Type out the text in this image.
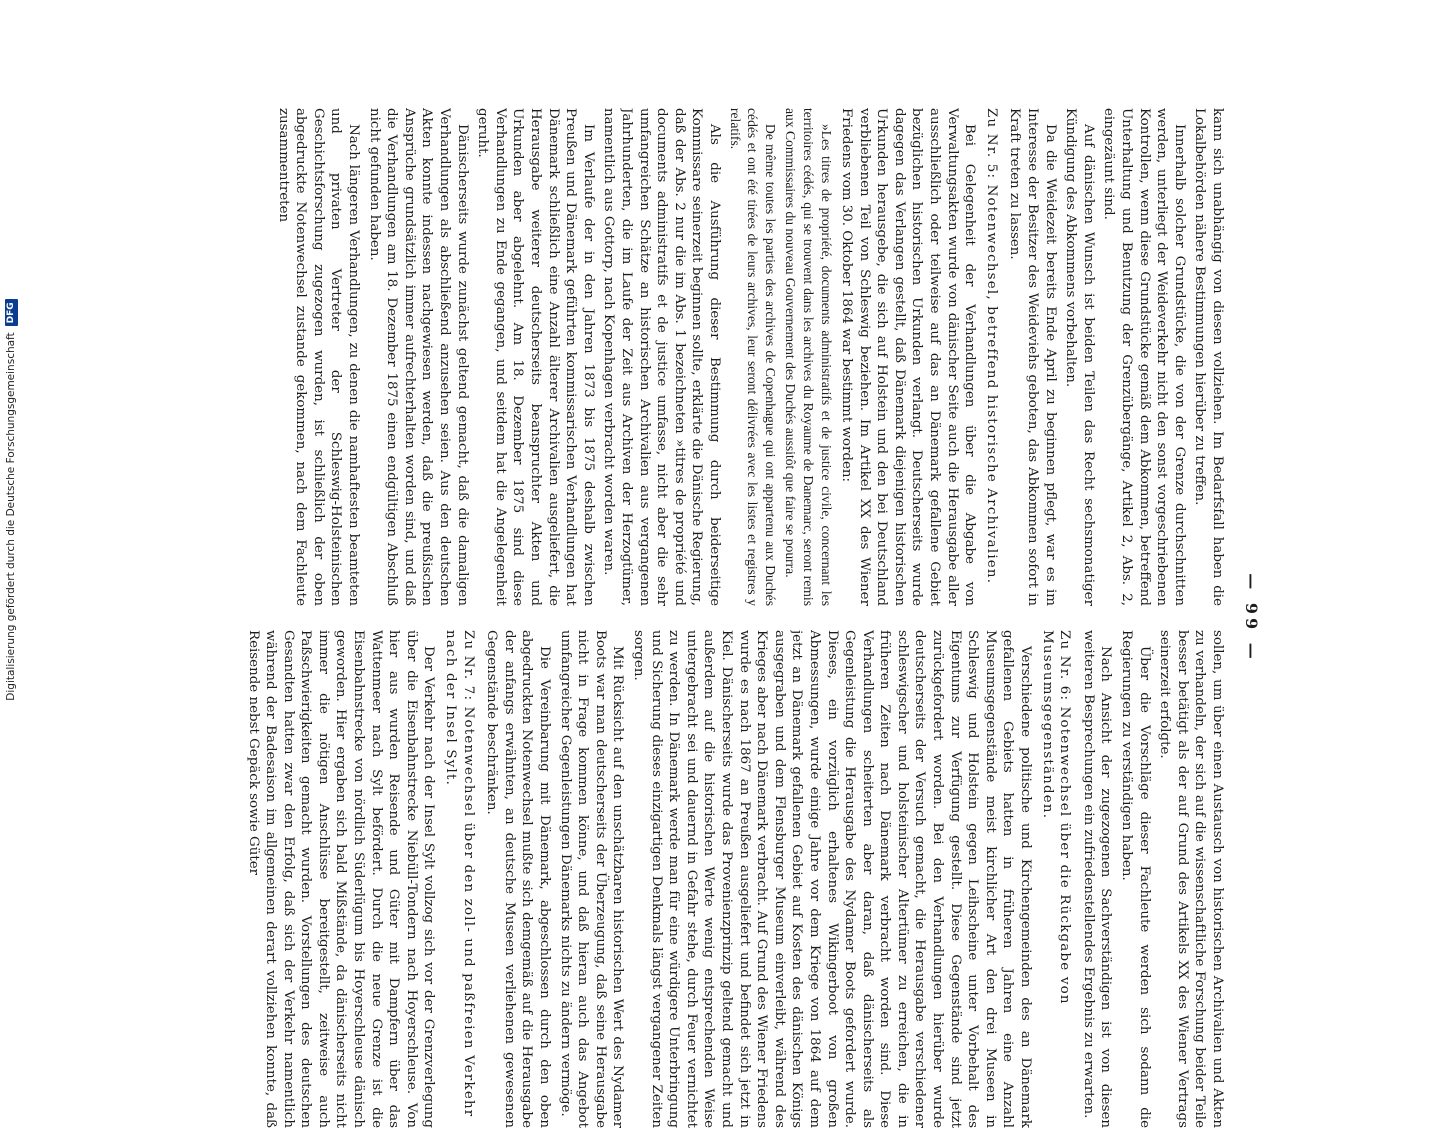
Digitalisierung gefördert durch die Deutsche Forschungsgemeinschaft
DFG
— 99 —

kann sich unabhängig von diesen vollziehen. Im Bedarfsfall haben die Lokalbehörden nähere Bestimmungen hierüber zu treffen.

Innerhalb solcher Grundstücke, die von der Grenze durchschnitten werden, unterliegt der Weideverkehr nicht den sonst vorgeschriebenen Kontrollen, wenn diese Grundstücke gemäß dem Abkommen, betreffend Unterhaltung und Benutzung der Grenzübergänge, Artikel 2, Abs. 2, eingezäunt sind.

Auf dänischen Wunsch ist beiden Teilen das Recht sechsmonatiger Kündigung des Abkommens vorbehalten.

Da die Weidezeit bereits Ende April zu beginnen pflegt, war es im Interesse der Besitzer des Weideviehs geboten, das Abkommen sofort in Kraft treten zu lassen.

Zu Nr. 5: Notenwechsel, betreffend historische Archivalien.

Bei Gelegenheit der Verhandlungen über die Abgabe von Verwaltungsakten wurde von dänischer Seite auch die Herausgabe aller ausschließlich oder teilweise auf das an Dänemark gefallene Gebiet bezüglichen historischen Urkunden verlangt. Deutscherseits wurde dagegen das Verlangen gestellt, daß Dänemark diejenigen historischen Urkunden herausgebe, die sich auf Holstein und den bei Deutschland verbliebenen Teil von Schleswig beziehen. Im Artikel XX des Wiener Friedens vom 30. Oktober 1864 war bestimmt worden:

»Les titres de propriété, documents administratifs et de justice civile, concernant les territoires cédés, qui se trouvent dans les archives du Royaume de Danemarc, seront remis aux Commissaires du nouveau Gouvernement des Duchés aussitôt que faire se pourra.

De même toutes les parties des archives de Copenhague qui ont appartenu aux Duchés cédés et ont été tirées de leurs archives, leur seront délivrées avec les listes et registres y relatifs.

Als die Ausführung dieser Bestimmung durch beiderseitige Kommissare seinerzeit beginnen sollte, erklärte die Dänische Regierung, daß der Abs. 2 nur die im Abs. 1 bezeichneten »titres de propriété und documents administratifs et de justice umfasse, nicht aber die sehr umfangreichen Schätze an historischen Archivalien aus vergangenen Jahrhunderten, die im Laufe der Zeit aus Archiven der Herzogtümer, namentlich aus Gottorp, nach Kopenhagen verbracht worden waren.

Im Verlaufe der in den Jahren 1873 bis 1875 deshalb zwischen Preußen und Dänemark geführten kommissarischen Verhandlungen hat Dänemark schließlich eine Anzahl älterer Archivalien ausgeliefert, die Herausgabe weiterer deutscherseits beanspruchter Akten und Urkunden aber abgelehnt. Am 18. Dezember 1875 sind diese Verhandlungen zu Ende gegangen, und seitdem hat die Angelegenheit geruht.

Dänischerseits wurde zunächst geltend gemacht, daß die damaligen Verhandlungen als abschließend anzusehen seien. Aus den deutschen Akten konnte indessen nachgewiesen werden, daß die preußischen Ansprüche grundsätzlich immer aufrechterhalten worden sind, und daß die Verhandlungen am 18. Dezember 1875 einen endgültigen Abschluß nicht gefunden haben.

Nach längeren Verhandlungen, zu denen die namhaftesten beamteten und privaten Vertreter der Schleswig-Holsteinischen Geschichtsforschung zugezogen wurden, ist schließlich der oben abgedruckte Notenwechsel zustande gekommen, nach dem Fachleute zusammentreten

sollen, um über einen Austausch von historischen Archivalien und Akten zu verhandeln, der sich auf die wissenschaftliche Forschung beider Teile besser betätigt als der auf Grund des Artikels XX des Wiener Vertrags seinerzeit erfolgte.

Über die Vorschläge dieser Fachleute werden sich sodann die Regierungen zu verständigen haben.

Nach Ansicht der zugezogenen Sachverständigen ist von diesen weiteren Besprechungen ein zufriedenstellendes Ergebnis zu erwarten.

Zu Nr. 6: Notenwechsel über die Rückgabe von Museumsgegenständen.

Verschiedene politische und Kirchengemeinden des an Dänemark gefallenen Gebiets hatten in früheren Jahren eine Anzahl Museumsgegenstände meist kirchlicher Art den drei Museen in Schleswig und Holstein gegen Leihscheine unter Vorbehalt des Eigentums zur Verfügung gestellt. Diese Gegenstände sind jetzt zurückgefordert worden. Bei den Verhandlungen hierüber wurde deutscherseits der Versuch gemacht, die Herausgabe verschiedener schleswigscher und holsteinischer Altertümer zu erreichen, die in früheren Zeiten nach Dänemark verbracht worden sind. Diese Verhandlungen scheiterten aber daran, daß dänischerseits als Gegenleistung die Herausgabe des Nydamer Boots gefordert wurde. Dieses, ein vorzüglich erhaltenes Wikingerboot von großen Abmessungen, wurde einige Jahre vor dem Kriege von 1864 auf dem jetzt an Dänemark gefallenen Gebiet auf Kosten des dänischen Königs ausgegraben und dem Flensburger Museum einverleibt, während des Krieges aber nach Dänemark verbracht. Auf Grund des Wiener Friedens wurde es nach 1867 an Preußen ausgeliefert und befindet sich jetzt in Kiel. Dänischerseits wurde das Provenienzprinzip geltend gemacht und außerdem auf die historischen Werte wenig entsprechenden Weise untergebracht sei und dauernd in Gefahr stehe, durch Feuer vernichtet zu werden. In Dänemark werde man für eine würdigere Unterbringung und Sicherung dieses einzigartigen Denkmals längst vergangener Zeiten sorgen.

Mit Rücksicht auf den unschätzbaren historischen Wert des Nydamer Boots war man deutscherseits der Überzeugung, daß seine Herausgabe nicht in Frage kommen könne, und daß hieran auch das Angebot umfangreicher Gegenleistungen Dänemarks nichts zu ändern vermöge.

Die Vereinbarung mit Dänemark, abgeschlossen durch den oben abgedruckten Notenwechsel mußte sich demgemäß auf die Herausgabe der anfangs erwähnten, an deutsche Museen verliehenen gewesenen Gegenstände beschränken.

Zu Nr. 7: Notenwechsel über den zoll- und paßfreien Verkehr nach der Insel Sylt.

Der Verkehr nach der Insel Sylt vollzog sich vor der Grenzverlegung über die Eisenbahnstrecke Niebüll-Tondern nach Hoyerschleuse. Von hier aus wurden Reisende und Güter mit Dampfern über das Wattenmeer nach Sylt befördert. Durch die neue Grenze ist die Eisenbahnstrecke von nördlich Süderlügum bis Hoyerschleuse dänisch geworden. Hier ergaben sich bald Mißstände, da dänischerseits nicht immer die nötigen Anschlüsse bereitgestellt, zeitweise auch Paßschwierigkeiten gemacht wurden. Vorstellungen des deutschen Gesandten hatten zwar den Erfolg, daß sich der Verkehr namentlich während der Badesaison im allgemeinen derart vollziehen konnte, daß Reisende nebst Gepäck sowie Güter
